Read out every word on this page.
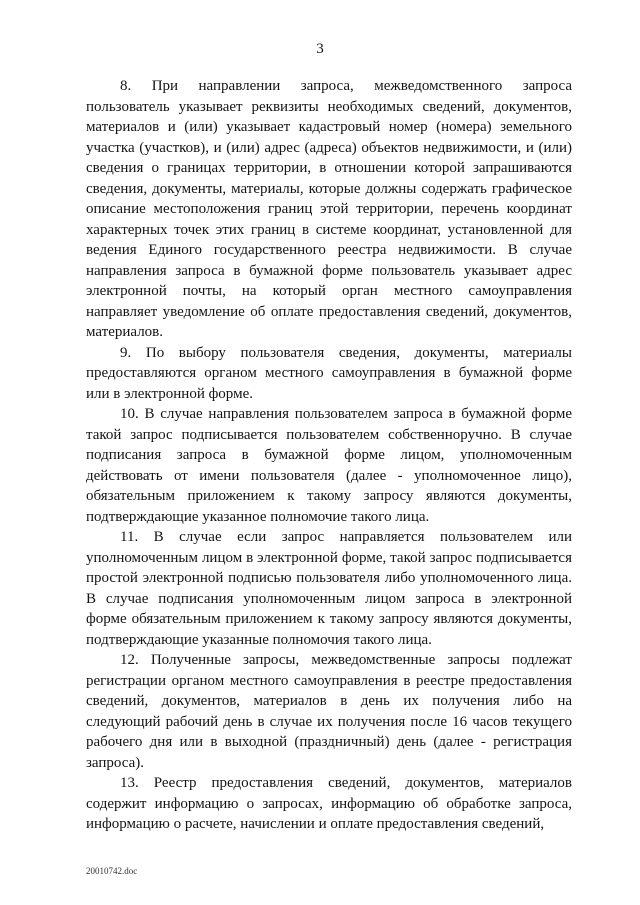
3

8. При направлении запроса, межведомственного запроса пользователь указывает реквизиты необходимых сведений, документов, материалов и (или) указывает кадастровый номер (номера) земельного участка (участков), и (или) адрес (адреса) объектов недвижимости, и (или) сведения о границах территории, в отношении которой запрашиваются сведения, документы, материалы, которые должны содержать графическое описание местоположения границ этой территории, перечень координат характерных точек этих границ в системе координат, установленной для ведения Единого государственного реестра недвижимости. В случае направления запроса в бумажной форме пользователь указывает адрес электронной почты, на который орган местного самоуправления направляет уведомление об оплате предоставления сведений, документов, материалов.

9. По выбору пользователя сведения, документы, материалы предоставляются органом местного самоуправления в бумажной форме или в электронной форме.

10. В случае направления пользователем запроса в бумажной форме такой запрос подписывается пользователем собственноручно. В случае подписания запроса в бумажной форме лицом, уполномоченным действовать от имени пользователя (далее - уполномоченное лицо), обязательным приложением к такому запросу являются документы, подтверждающие указанное полномочие такого лица.

11. В случае если запрос направляется пользователем или уполномоченным лицом в электронной форме, такой запрос подписывается простой электронной подписью пользователя либо уполномоченного лица. В случае подписания уполномоченным лицом запроса в электронной форме обязательным приложением к такому запросу являются документы, подтверждающие указанные полномочия такого лица.

12. Полученные запросы, межведомственные запросы подлежат регистрации органом местного самоуправления в реестре предоставления сведений, документов, материалов в день их получения либо на следующий рабочий день в случае их получения после 16 часов текущего рабочего дня или в выходной (праздничный) день (далее - регистрация запроса).

13. Реестр предоставления сведений, документов, материалов содержит информацию о запросах, информацию об обработке запроса, информацию о расчете, начислении и оплате предоставления сведений,

20010742.doc
